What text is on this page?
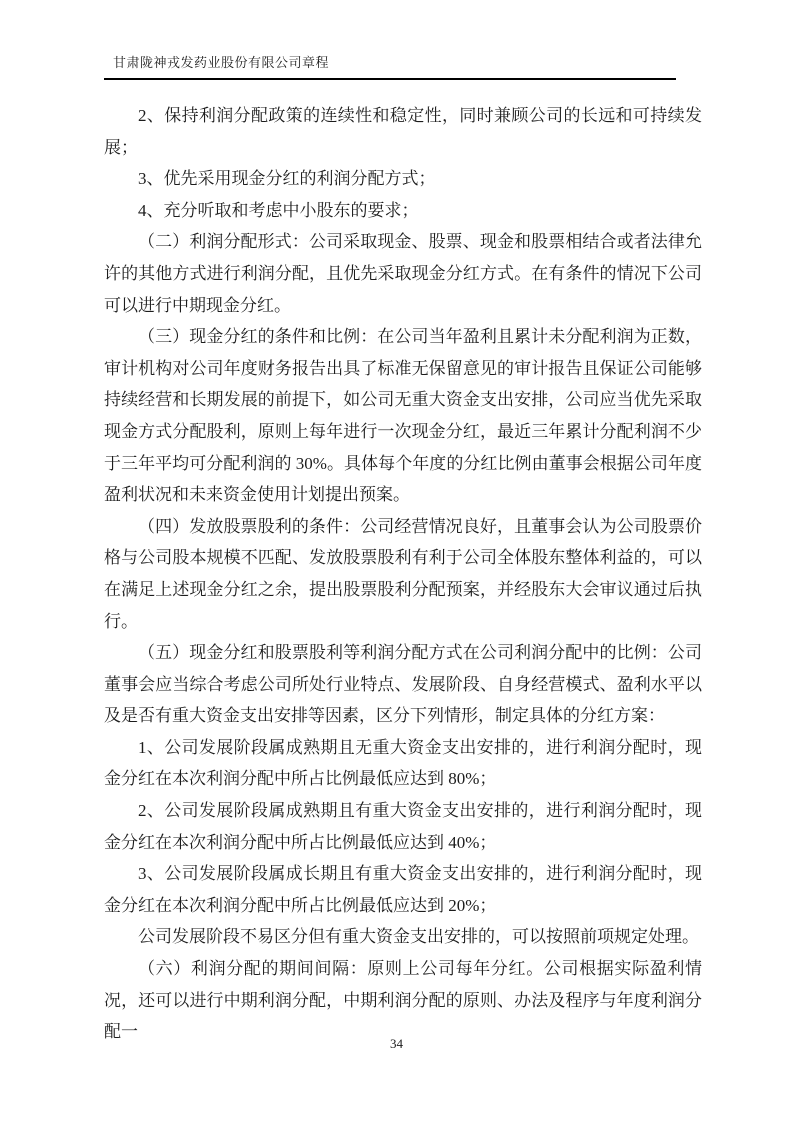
甘肃陇神戎发药业股份有限公司章程

2、保持利润分配政策的连续性和稳定性，同时兼顾公司的长远和可持续发展；

3、优先采用现金分红的利润分配方式；

4、充分听取和考虑中小股东的要求；

（二）利润分配形式：公司采取现金、股票、现金和股票相结合或者法律允许的其他方式进行利润分配，且优先采取现金分红方式。在有条件的情况下公司可以进行中期现金分红。

（三）现金分红的条件和比例：在公司当年盈利且累计未分配利润为正数，审计机构对公司年度财务报告出具了标准无保留意见的审计报告且保证公司能够持续经营和长期发展的前提下，如公司无重大资金支出安排，公司应当优先采取现金方式分配股利，原则上每年进行一次现金分红，最近三年累计分配利润不少于三年平均可分配利润的 30%。具体每个年度的分红比例由董事会根据公司年度盈利状况和未来资金使用计划提出预案。

（四）发放股票股利的条件：公司经营情况良好，且董事会认为公司股票价格与公司股本规模不匹配、发放股票股利有利于公司全体股东整体利益的，可以在满足上述现金分红之余，提出股票股利分配预案，并经股东大会审议通过后执行。

（五）现金分红和股票股利等利润分配方式在公司利润分配中的比例：公司董事会应当综合考虑公司所处行业特点、发展阶段、自身经营模式、盈利水平以及是否有重大资金支出安排等因素，区分下列情形，制定具体的分红方案：

1、公司发展阶段属成熟期且无重大资金支出安排的，进行利润分配时，现金分红在本次利润分配中所占比例最低应达到 80%；

2、公司发展阶段属成熟期且有重大资金支出安排的，进行利润分配时，现金分红在本次利润分配中所占比例最低应达到 40%；

3、公司发展阶段属成长期且有重大资金支出安排的，进行利润分配时，现金分红在本次利润分配中所占比例最低应达到 20%；

公司发展阶段不易区分但有重大资金支出安排的，可以按照前项规定处理。

（六）利润分配的期间间隔：原则上公司每年分红。公司根据实际盈利情况，还可以进行中期利润分配，中期利润分配的原则、办法及程序与年度利润分配一

34
